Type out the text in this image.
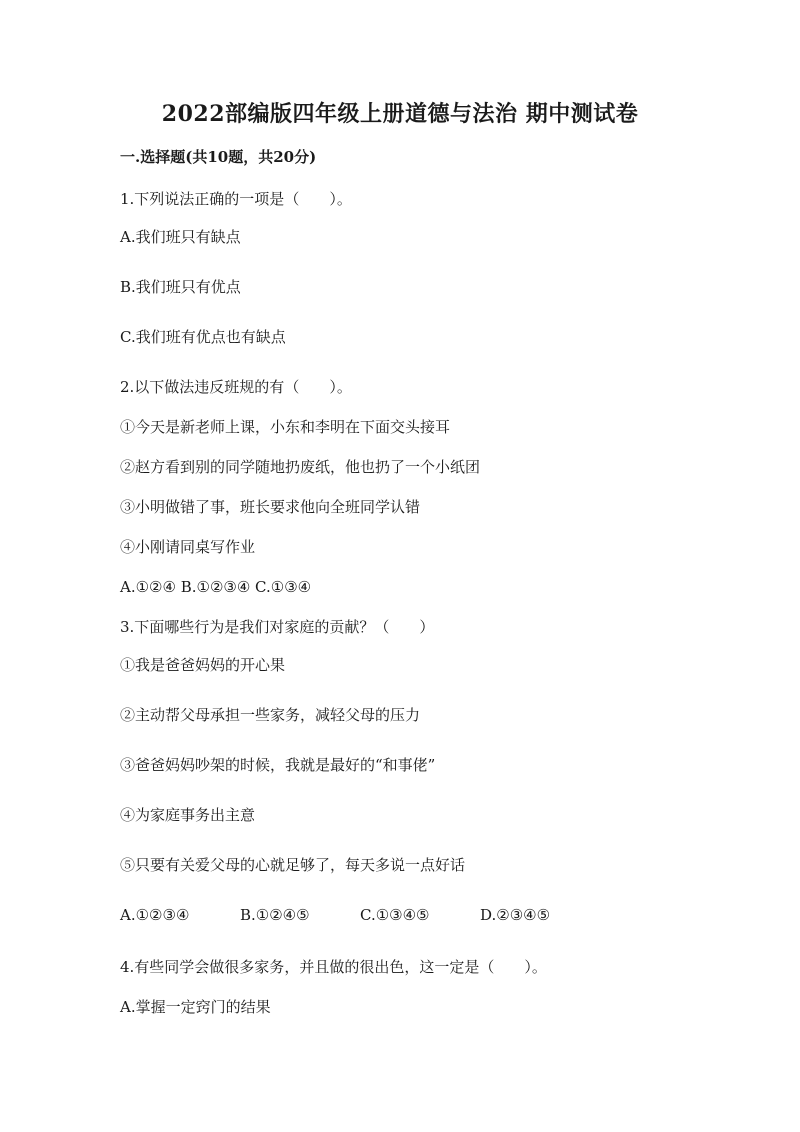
2022部编版四年级上册道德与法治 期中测试卷
一.选择题(共10题，共20分)
1.下列说法正确的一项是（　　）。
A.我们班只有缺点
B.我们班只有优点
C.我们班有优点也有缺点
2.以下做法违反班规的有（　　）。
①今天是新老师上课，小东和李明在下面交头接耳
②赵方看到别的同学随地扔废纸，他也扔了一个小纸团
③小明做错了事，班长要求他向全班同学认错
④小刚请同桌写作业
A.①②④ B.①②③④ C.①③④
3.下面哪些行为是我们对家庭的贡献？（　　）
①我是爸爸妈妈的开心果
②主动帮父母承担一些家务，减轻父母的压力
③爸爸妈妈吵架的时候，我就是最好的“和事佬”
④为家庭事务出主意
⑤只要有关爱父母的心就足够了，每天多说一点好话
A.①②③④	B.①②④⑤	C.①③④⑤	D.②③④⑤
4.有些同学会做很多家务，并且做的很出色，这一定是（　　）。
A.掌握一定窍门的结果
